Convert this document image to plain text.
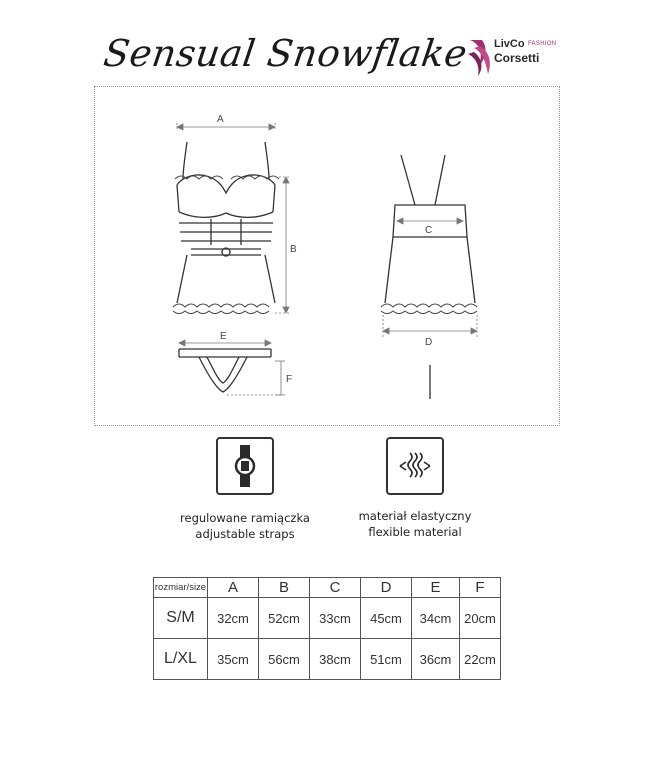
Sensual Snowflake LivCo FASHION
Corsetti
A
B
C
D
E
F
regulowane ramiączka
adjustable straps
materiał elastyczny
flexible material
rozmiar/size	A	B	C	D	E	F
S/M	32cm	52cm	33cm	45cm	34cm	20cm
L/XL	35cm	56cm	38cm	51cm	36cm	22cm
